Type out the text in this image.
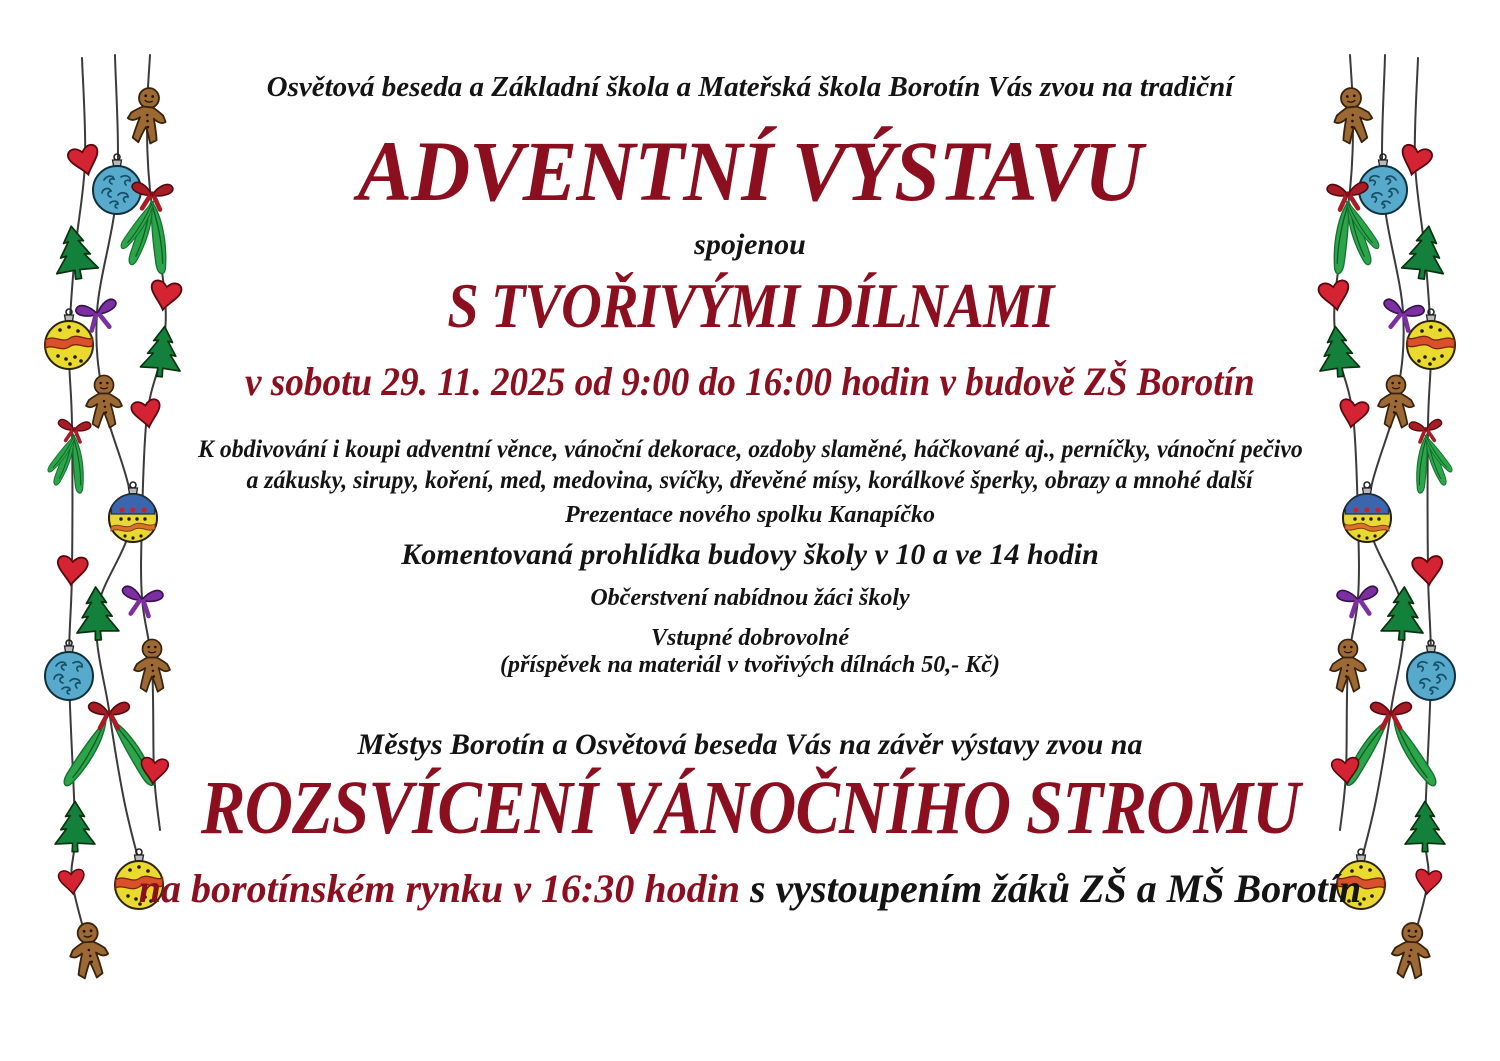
Osvětová beseda a Základní škola a Mateřská škola Borotín Vás zvou na tradiční
ADVENTNÍ VÝSTAVU
spojenou
S TVOŘIVÝMI DÍLNAMI
v sobotu 29. 11. 2025 od 9:00 do 16:00 hodin v budově ZŠ Borotín
K obdivování i koupi adventní věnce, vánoční dekorace, ozdoby slaměné, háčkované aj., perníčky, vánoční pečivo
a zákusky, sirupy, koření, med, medovina, svíčky, dřevěné mísy, korálkové šperky, obrazy a mnohé další
Prezentace nového spolku Kanapíčko
Komentovaná prohlídka budovy školy v 10 a ve 14 hodin
Občerstvení nabídnou žáci školy
Vstupné dobrovolné
(příspěvek na materiál v tvořivých dílnách 50,- Kč)
Městys Borotín a Osvětová beseda Vás na závěr výstavy zvou na
ROZSVÍCENÍ VÁNOČNÍHO STROMU
na borotínském rynku v 16:30 hodin s vystoupením žáků ZŠ a MŠ Borotín
